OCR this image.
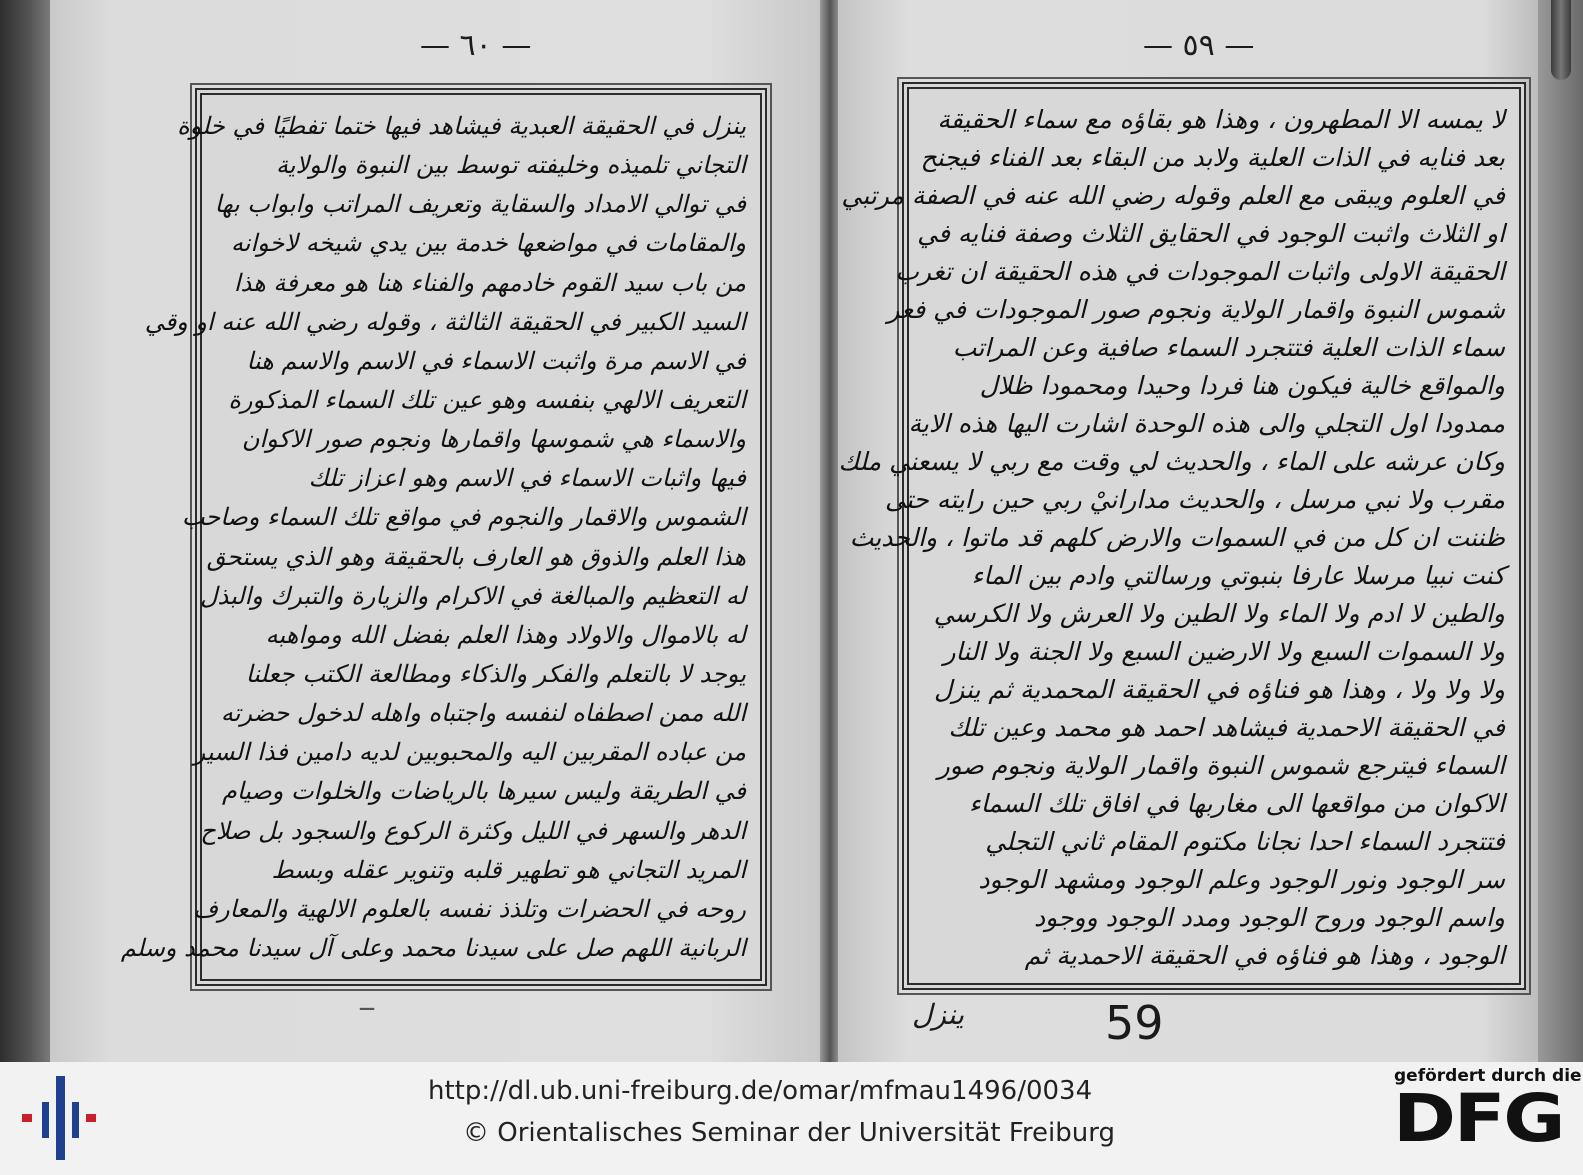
— ٦٠ —	— ٥٩ —
ينزل في الحقيقة العبدية فيشاهد فيها ختما تفطيًا في خلوة
التجاني تلميذه وخليفته توسط بين النبوة والولاية
في توالي الامداد والسقاية وتعريف المراتب وابواب بها
والمقامات في مواضعها خدمة بين يدي شيخه لاخوانه
من باب سيد القوم خادمهم والفناء هنا هو معرفة هذا
السيد الكبير في الحقيقة الثالثة ، وقوله رضي الله عنه او وقي
في الاسم مرة واثبت الاسماء في الاسم والاسم هنا
التعريف الالهي بنفسه وهو عين تلك السماء المذكورة
والاسماء هي شموسها واقمارها ونجوم صور الاكوان
فيها واثبات الاسماء في الاسم وهو اعزاز تلك
الشموس والاقمار والنجوم في مواقع تلك السماء وصاحب
هذا العلم والذوق هو العارف بالحقيقة وهو الذي يستحق
له التعظيم والمبالغة في الاكرام والزيارة والتبرك والبذل
له بالاموال والاولاد وهذا العلم بفضل الله ومواهبه
يوجد لا بالتعلم والفكر والذكاء ومطالعة الكتب جعلنا
الله ممن اصطفاه لنفسه واجتباه واهله لدخول حضرته
من عباده المقربين اليه والمحبوبين لديه دامين فذا السير
في الطريقة وليس سيرها بالرياضات والخلوات وصيام
الدهر والسهر في الليل وكثرة الركوع والسجود بل صلاح
المريد التجاني هو تطهير قلبه وتنوير عقله وبسط
روحه في الحضرات وتلذذ نفسه بالعلوم الالهية والمعارف
الربانية اللهم صل على سيدنا محمد وعلى آل سيدنا محمد وسلم
لا يمسه الا المطهرون ، وهذا هو بقاؤه مع سماء الحقيقة
بعد فنايه في الذات العلية ولابد من البقاء بعد الفناء فيجنح
في العلوم ويبقى مع العلم وقوله رضي الله عنه في الصفة مرتبي
او الثلاث واثبت الوجود في الحقايق الثلاث وصفة فنايه في
الحقيقة الاولى واثبات الموجودات في هذه الحقيقة ان تغرب
شموس النبوة واقمار الولاية ونجوم صور الموجودات في فعر
سماء الذات العلية فتتجرد السماء صافية وعن المراتب
والمواقع خالية فيكون هنا فردا وحيدا ومحمودا ظلال
ممدودا اول التجلي والى هذه الوحدة اشارت اليها هذه الاية
وكان عرشه على الماء ، والحديث لي وقت مع ربي لا يسعني ملك
مقرب ولا نبي مرسل ، والحديث مدارانيْ ربي حين رايته حتى
ظننت ان كل من في السموات والارض كلهم قد ماتوا ، والحديث
كنت نبيا مرسلا عارفا بنبوتي ورسالتي وادم بين الماء
والطين لا ادم ولا الماء ولا الطين ولا العرش ولا الكرسي
ولا السموات السبع ولا الارضين السبع ولا الجنة ولا النار
ولا ولا ولا ، وهذا هو فناؤه في الحقيقة المحمدية ثم ينزل
في الحقيقة الاحمدية فيشاهد احمد هو محمد وعين تلك
السماء فيترجع شموس النبوة واقمار الولاية ونجوم صور
الاكوان من مواقعها الى مغاربها في افاق تلك السماء
فتتجرد السماء احدا نجانا مكتوم المقام ثاني التجلي
سر الوجود ونور الوجود وعلم الوجود ومشهد الوجود
واسم الوجود وروح الوجود ومدد الوجود ووجود
الوجود ، وهذا هو فناؤه في الحقيقة الاحمدية ثم
ــ	ينزل	59
http://dl.ub.uni-freiburg.de/omar/mfmau1496/0034
© Orientalisches Seminar der Universität Freiburg
gefördert durch die
DFG
